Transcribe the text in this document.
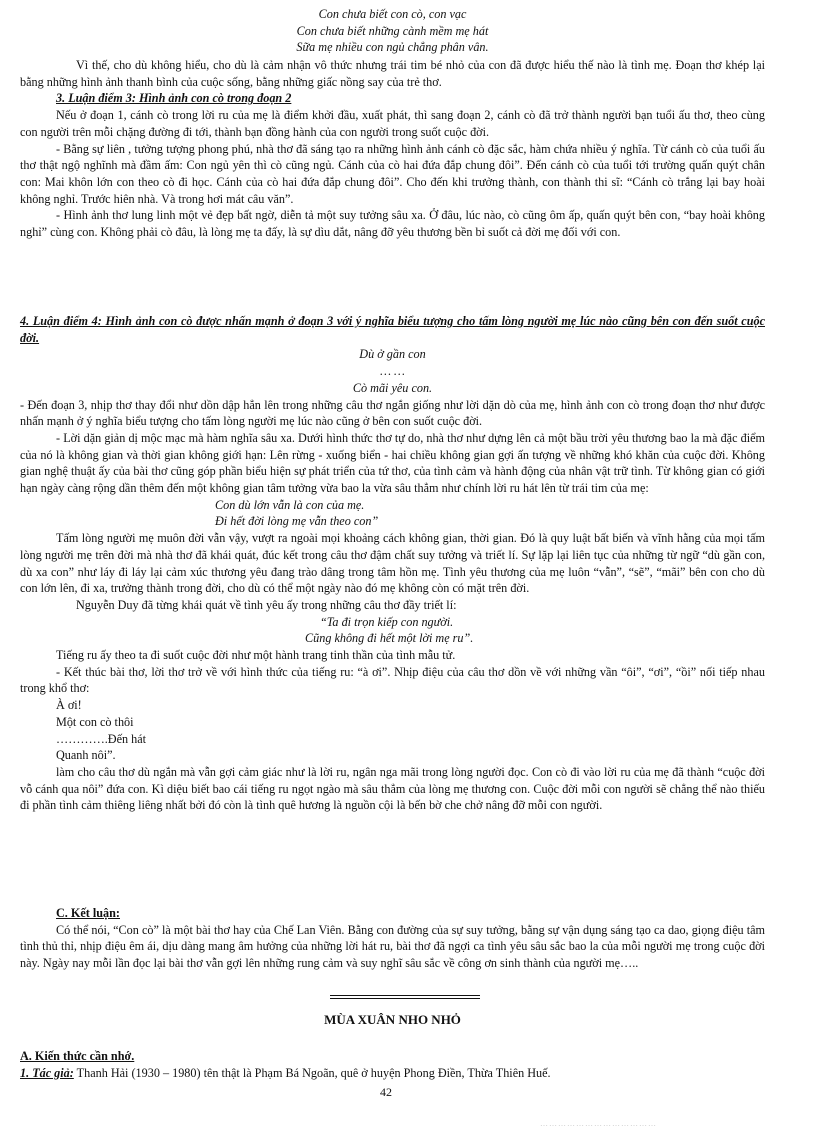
Con chưa biết con cò, con vạc

Con chưa biết những cành mềm mẹ hát

Sữa mẹ nhiều con ngủ chẳng phân vân.

Vì thế, cho dù không hiểu, cho dù là cảm nhận vô thức nhưng trái tim bé nhỏ của con đã được hiểu thế nào là tình mẹ. Đoạn thơ khép lại bằng những hình ảnh thanh bình của cuộc sống, bằng những giấc nồng say của trẻ thơ.

3. Luận điểm 3: Hình ảnh con cò trong đoạn 2

Nếu ở đoạn 1, cánh cò trong lời ru của mẹ là điểm khởi đầu, xuất phát, thì sang đoạn 2, cánh cò đã trở thành người bạn tuổi ấu thơ, theo cùng con người trên mỗi chặng đường đi tới, thành bạn đồng hành của con người trong suốt cuộc đời.

- Bằng sự liên , tưởng tượng phong phú, nhà thơ đã sáng tạo ra những hình ảnh cánh cò đặc sắc, hàm chứa nhiều ý nghĩa. Từ cánh cò của tuổi ấu thơ thật ngộ nghĩnh mà đầm ấm: Con ngủ yên thì cò cũng ngủ. Cánh của cò hai đứa đắp chung đôi”. Đến cánh cò của tuổi tới trường quấn quýt chân con: Mai khôn lớn con theo cò đi học. Cánh của cò hai đứa đắp chung đôi”. Cho đến khi trưởng thành, con thành thi sĩ: “Cánh cò trắng lại bay hoài không nghỉ. Trước hiên nhà. Và trong hơi mát câu văn”.

- Hình ảnh thơ lung linh một vẻ đẹp bất ngờ, diễn tả một suy tưởng sâu xa. Ở đâu, lúc nào, cò cũng ôm ấp, quấn quýt bên con, “bay hoài không nghỉ” cùng con. Không phải cò đâu, là lòng mẹ ta đấy, là sự dìu dắt, nâng đỡ yêu thương bền bỉ suốt cả đời mẹ đối với con.

4. Luận điểm 4: Hình ảnh con cò được nhấn mạnh ở đoạn 3 với ý nghĩa biểu tượng cho tấm lòng người mẹ lúc nào cũng bên con đến suốt cuộc đời.

Dù ở gần con

… …

Cò mãi yêu con.

- Đến đoạn 3, nhịp thơ thay đổi như dồn dập hẳn lên trong những câu thơ ngắn giống như lời dặn dò của mẹ, hình ảnh con cò trong đoạn thơ như được nhấn mạnh ở ý nghĩa biểu tượng cho tấm lòng người mẹ lúc nào cũng ở bên con suốt cuộc đời.

- Lời dặn giản dị mộc mạc mà hàm nghĩa sâu xa. Dưới hình thức thơ tự do, nhà thơ như dựng lên cả một bầu trời yêu thương bao la mà đặc điểm của nó là không gian và thời gian không giới hạn: Lên rừng - xuống biển - hai chiều không gian gợi ấn tượng về những khó khăn của cuộc đời. Không gian nghệ thuật ấy của bài thơ cũng góp phần biểu hiện sự phát triển của tứ thơ, của tình cảm và hành động của nhân vật trữ tình. Từ không gian có giới hạn ngày càng rộng dần thêm đến một không gian tâm tưởng vừa bao la vừa sâu thẳm như chính lời ru hát lên từ trái tim của mẹ:

Con dù lớn vẫn là con của mẹ.

Đi hết đời lòng mẹ vẫn theo con”

Tấm lòng người mẹ muôn đời vẫn vậy, vượt ra ngoài mọi khoảng cách không gian, thời gian. Đó là quy luật bất biến và vĩnh hằng của mọi tấm lòng người mẹ trên đời mà nhà thơ đã khái quát, đúc kết trong câu thơ đậm chất suy tưởng và triết lí. Sự lặp lại liên tục của những từ ngữ “dù gần con, dù xa con” như láy đi láy lại cảm xúc thương yêu đang trào dâng trong tâm hồn mẹ. Tình yêu thương của mẹ luôn “vẫn”, “sẽ”, “mãi” bên con cho dù con lớn lên, đi xa, trưởng thành trong đời, cho dù có thể một ngày nào đó mẹ không còn có mặt trên đời.

Nguyễn Duy đã từng khái quát về tình yêu ấy trong những câu thơ đầy triết lí:

“Ta đi trọn kiếp con người.

Cũng không đi hết một lời mẹ ru”.

Tiếng ru ấy theo ta đi suốt cuộc đời như một hành trang tinh thần của tình mẫu tử.

- Kết thúc bài thơ, lời thơ trở về với hình thức của tiếng ru: “à ơi”. Nhịp điệu của câu thơ dồn về với những vần “ôi”, “ơi”, “ồi” nối tiếp nhau trong khổ thơ:

À ơi!

Một con cò thôi

………….Đến hát

Quanh nôi”.

làm cho câu thơ dù ngắn mà vẫn gợi cảm giác như là lời ru, ngân nga mãi trong lòng người đọc. Con cò đi vào lời ru của mẹ đã thành “cuộc đời vỗ cánh qua nôi” đứa con. Kì diệu biết bao cái tiếng ru ngọt ngào mà sâu thẳm của lòng mẹ thương con. Cuộc đời mỗi con người sẽ chẳng thể nào thiếu đi phần tình cảm thiêng liêng nhất bởi đó còn là tình quê hương là nguồn cội là bến bờ che chở nâng đỡ mỗi con người.

C. Kết luận:

Có thể nói, “Con cò” là một bài thơ hay của Chế Lan Viên. Bằng con đường của sự suy tưởng, bằng sự vận dụng sáng tạo ca dao, giọng điệu tâm tình thủ thỉ, nhịp điệu êm ái, dịu dàng mang âm hưởng của những lời hát ru, bài thơ đã ngợi ca tình yêu sâu sắc bao la của mỗi người mẹ trong cuộc đời này. Ngày nay mỗi lần đọc lại bài thơ vẫn gợi lên những rung cảm và suy nghĩ sâu sắc về công ơn sinh thành của người mẹ…..

MÙA XUÂN NHO NHỎ

A. Kiến thức cần nhớ.

1. Tác giả: Thanh Hải (1930 – 1980) tên thật là Phạm Bá Ngoãn, quê ở huyện Phong Điền, Thừa Thiên Huế.

42
…………………………………
